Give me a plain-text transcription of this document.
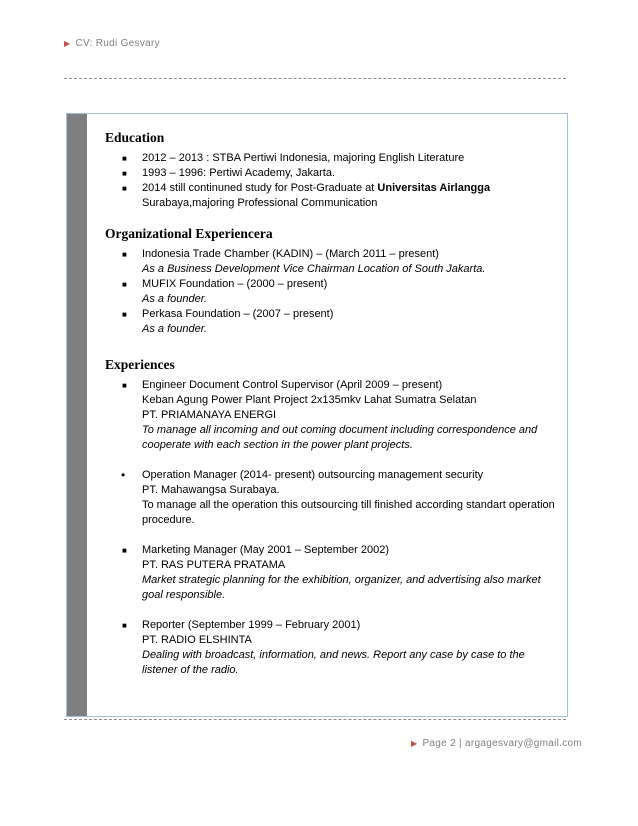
▶ CV: Rudi Gesvary
Education
■ 2012 – 2013 : STBA Pertiwi Indonesia, majoring English Literature
■ 1993 – 1996: Pertiwi Academy, Jakarta.
■ 2014 still continuned study for Post-Graduate at Universitas Airlangga
Surabaya,majoring Professional Communication
Organizational Experiencera
■ Indonesia Trade Chamber (KADIN) – (March 2011 – present)
As a Business Development Vice Chairman Location of South Jakarta.
■ MUFIX Foundation – (2000 – present)
As a founder.
■ Perkasa Foundation – (2007 – present)
As a founder.
Experiences
■ Engineer Document Control Supervisor (April 2009 – present)
Keban Agung Power Plant Project 2x135mkv Lahat Sumatra Selatan
PT. PRIAMANAYA ENERGI
To manage all incoming and out coming document including correspondence and cooperate with each section in the power plant projects.
• Operation Manager (2014- present) outsourcing management security
PT. Mahawangsa Surabaya.
To manage all the operation this outsourcing till finished according standart operation procedure.
■ Marketing Manager (May 2001 – September 2002)
PT. RAS PUTERA PRATAMA
Market strategic planning for the exhibition, organizer, and advertising also market goal responsible.
■ Reporter (September 1999 – February 2001)
PT. RADIO ELSHINTA
Dealing with broadcast, information, and news. Report any case by case to the listener of the radio.
▶ Page 2 | argagesvary@gmail.com
